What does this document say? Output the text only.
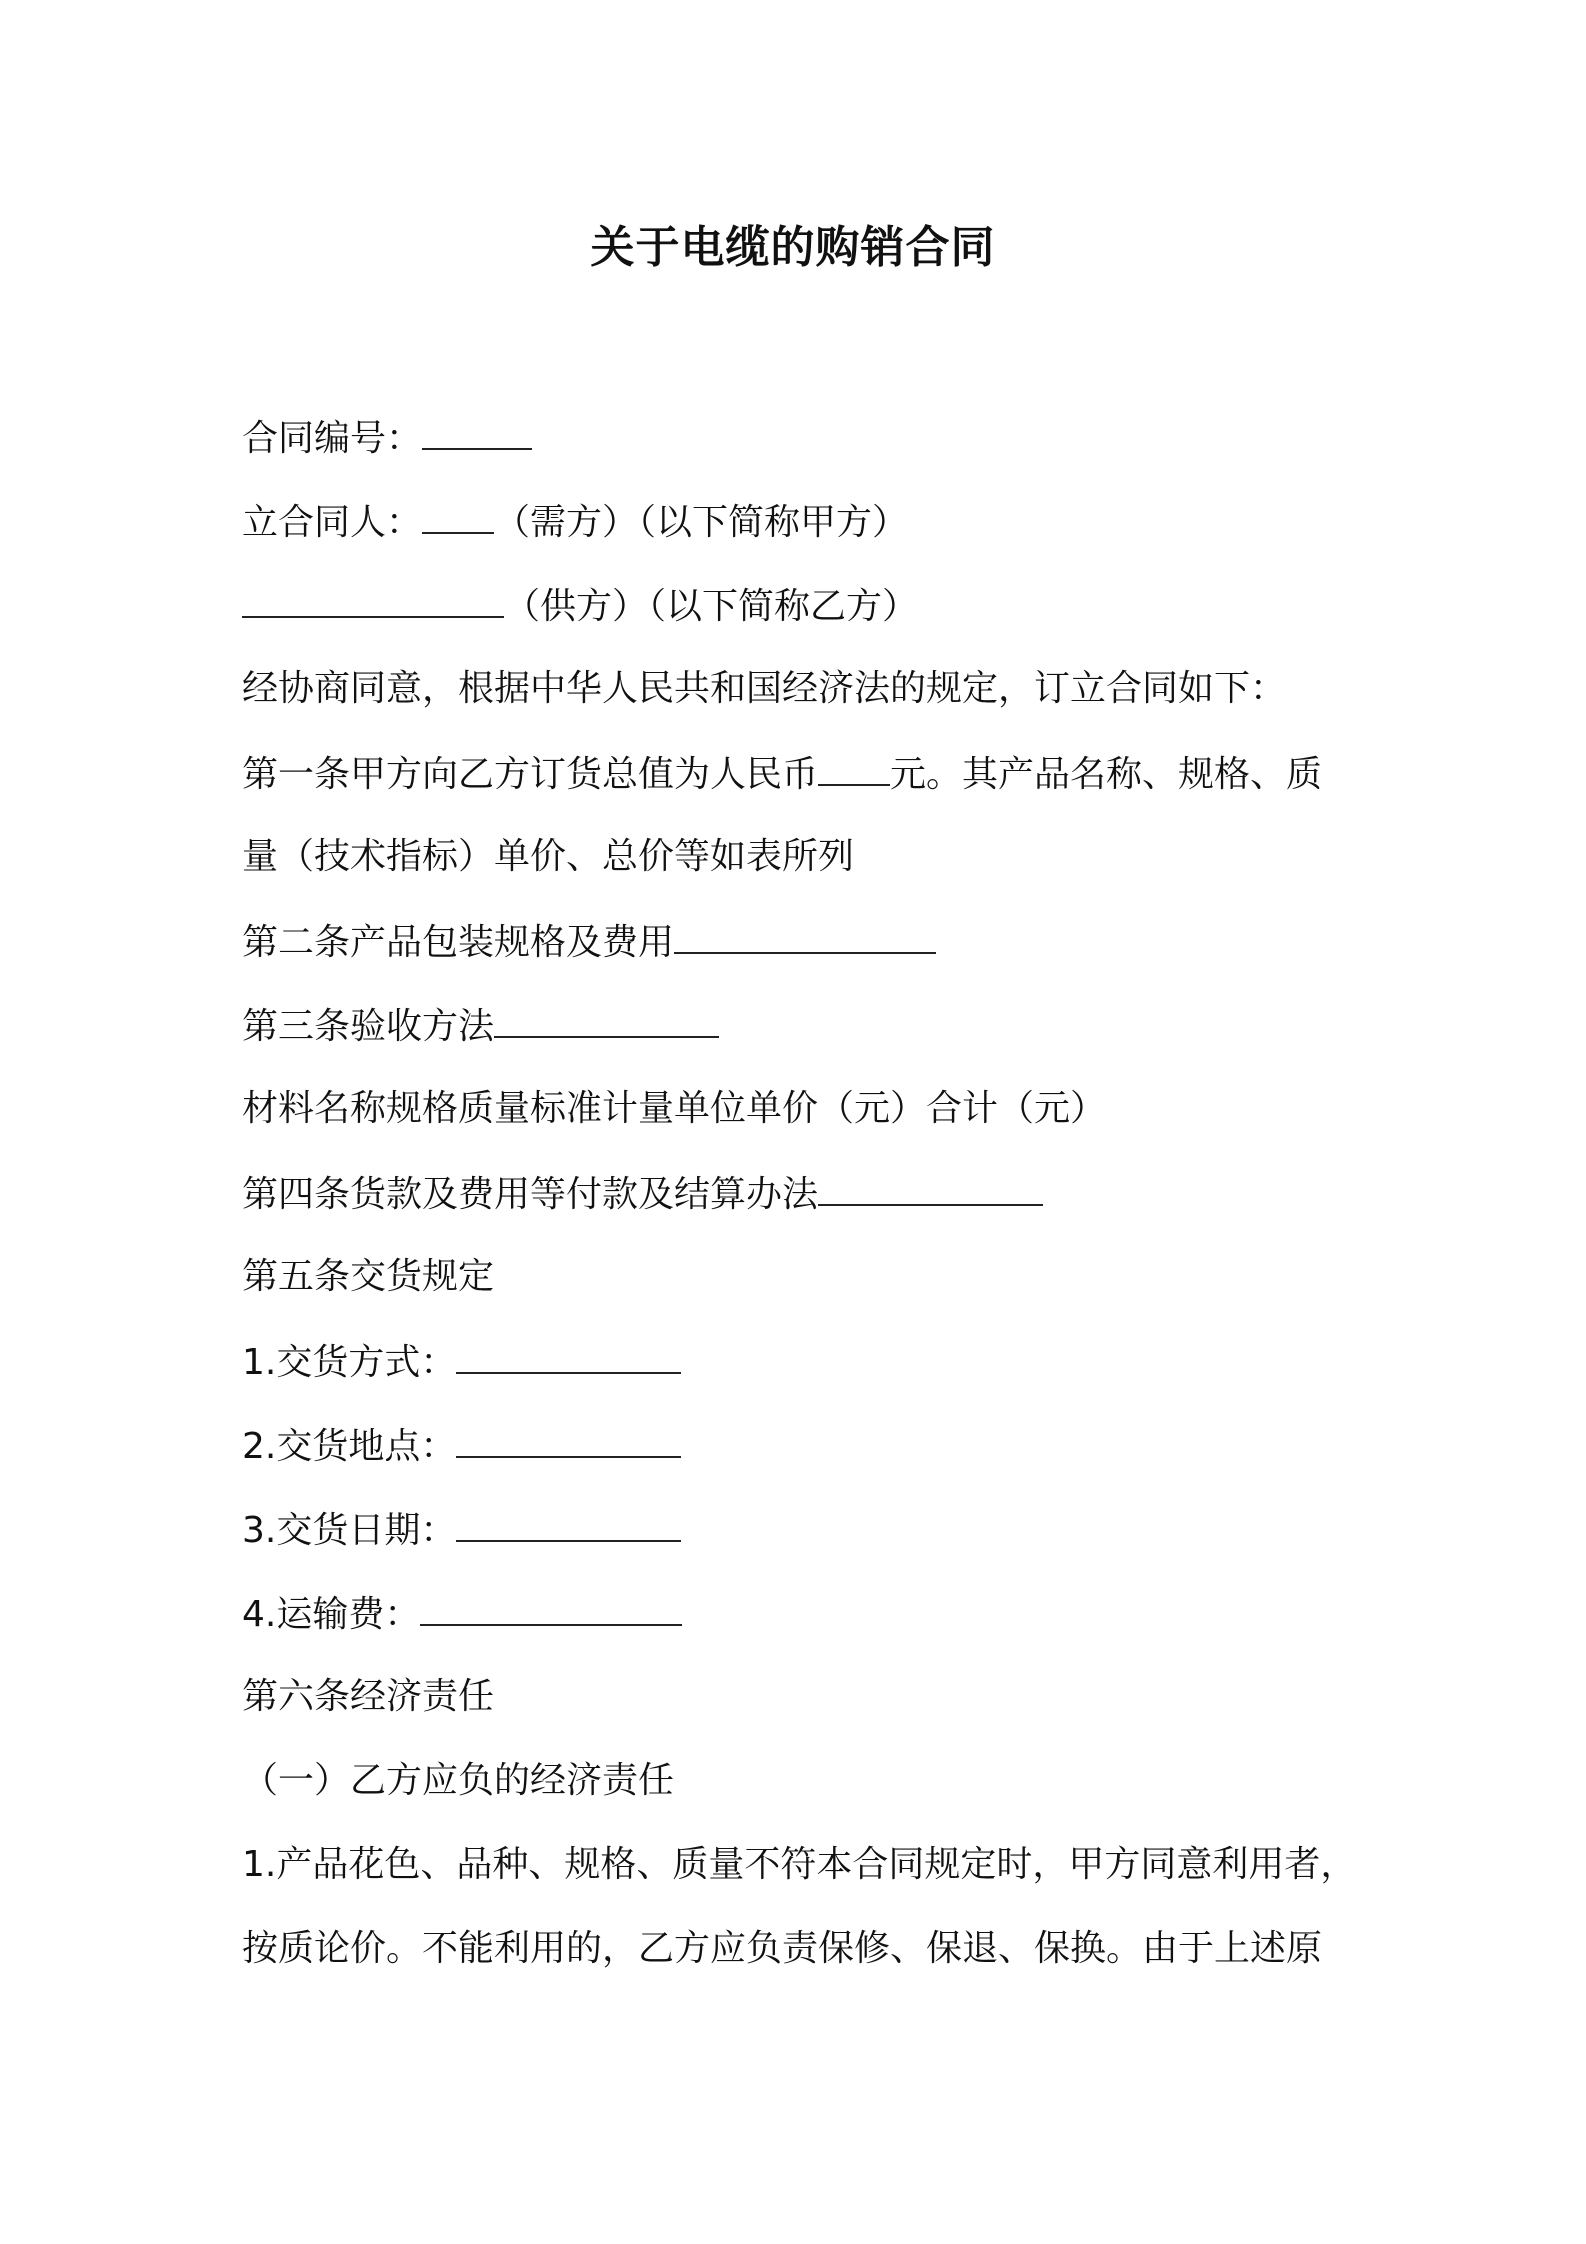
关于电缆的购销合同
合同编号：
立合同人： （需方）（以下简称甲方）
（供方）（以下简称乙方）
经协商同意，根据中华人民共和国经济法的规定，订立合同如下：
第一条甲方向乙方订货总值为人民币 元。其产品名称、规格、质
量（技术指标）单价、总价等如表所列
第二条产品包装规格及费用
第三条验收方法
材料名称规格质量标准计量单位单价（元）合计（元）
第四条货款及费用等付款及结算办法
第五条交货规定
1.交货方式：
2.交货地点：
3.交货日期：
4.运输费：
第六条经济责任
（一）乙方应负的经济责任
1.产品花色、品种、规格、质量不符本合同规定时，甲方同意利用者，
按质论价。不能利用的，乙方应负责保修、保退、保换。由于上述原
